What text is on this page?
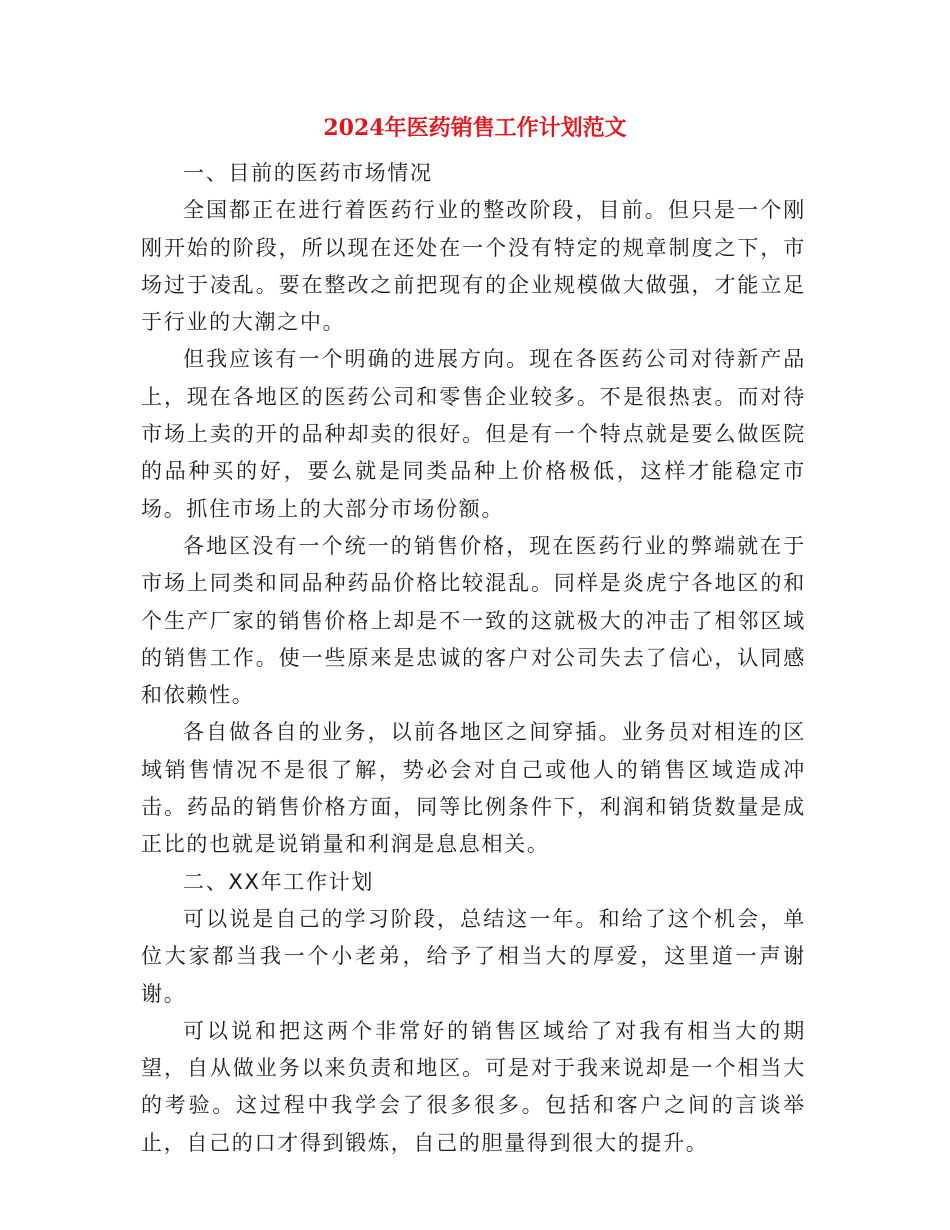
2024年医药销售工作计划范文

一、目前的医药市场情况

全国都正在进行着医药行业的整改阶段，目前。但只是一个刚刚开始的阶段，所以现在还处在一个没有特定的规章制度之下，市场过于凌乱。要在整改之前把现有的企业规模做大做强，才能立足于行业的大潮之中。

但我应该有一个明确的进展方向。现在各医药公司对待新产品上，现在各地区的医药公司和零售企业较多。不是很热衷。而对待市场上卖的开的品种却卖的很好。但是有一个特点就是要么做医院的品种买的好，要么就是同类品种上价格极低，这样才能稳定市场。抓住市场上的大部分市场份额。

各地区没有一个统一的销售价格，现在医药行业的弊端就在于市场上同类和同品种药品价格比较混乱。同样是炎虎宁各地区的和个生产厂家的销售价格上却是不一致的这就极大的冲击了相邻区域的销售工作。使一些原来是忠诚的客户对公司失去了信心，认同感和依赖性。

各自做各自的业务，以前各地区之间穿插。业务员对相连的区域销售情况不是很了解，势必会对自己或他人的销售区域造成冲击。药品的销售价格方面，同等比例条件下，利润和销货数量是成正比的也就是说销量和利润是息息相关。

二、XX年工作计划

可以说是自己的学习阶段，总结这一年。和给了这个机会，单位大家都当我一个小老弟，给予了相当大的厚爱，这里道一声谢谢。

可以说和把这两个非常好的销售区域给了对我有相当大的期望，自从做业务以来负责和地区。可是对于我来说却是一个相当大的考验。这过程中我学会了很多很多。包括和客户之间的言谈举止，自己的口才得到锻炼，自己的胆量得到很大的提升。
